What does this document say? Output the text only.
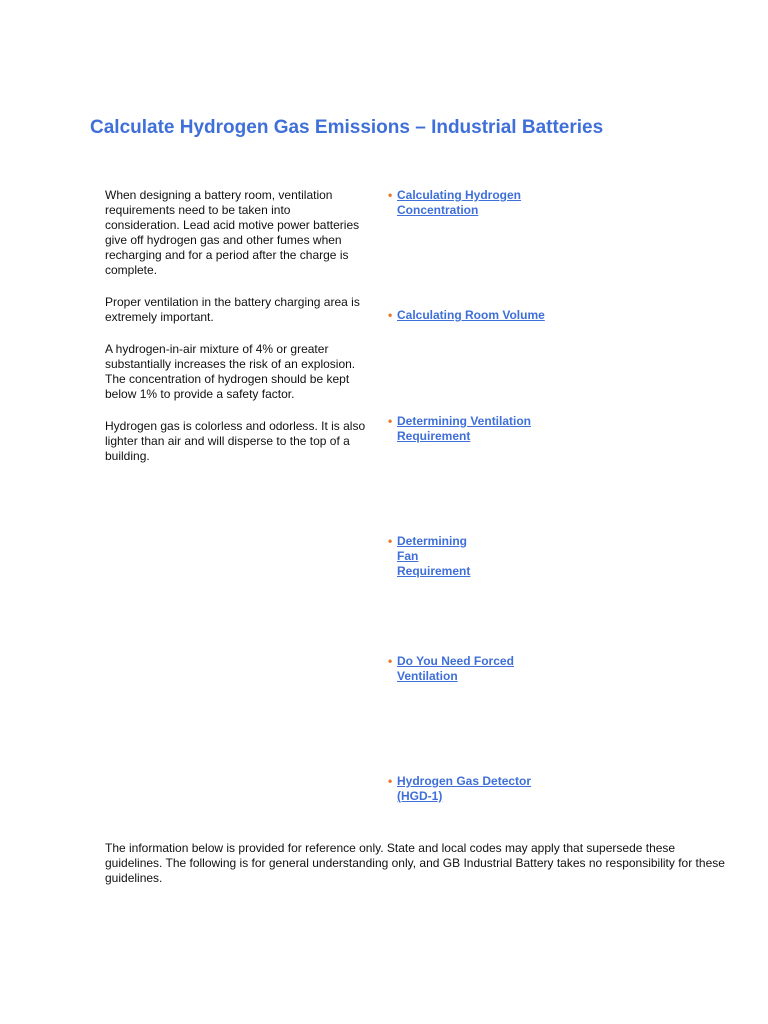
Calculate Hydrogen Gas Emissions – Industrial Batteries

When designing a battery room, ventilation requirements need to be taken into consideration. Lead acid motive power batteries give off hydrogen gas and other fumes when recharging and for a period after the charge is complete.

Proper ventilation in the battery charging area is extremely important.

A hydrogen-in-air mixture of 4% or greater substantially increases the risk of an explosion. The concentration of hydrogen should be kept below 1% to provide a safety factor.

Hydrogen gas is colorless and odorless. It is also lighter than air and will disperse to the top of a building.

• Calculating Hydrogen Concentration
• Calculating Room Volume
• Determining Ventilation Requirement
• Determining Fan Requirement
• Do You Need Forced Ventilation
• Hydrogen Gas Detector (HGD-1)

The information below is provided for reference only. State and local codes may apply that supersede these guidelines. The following is for general understanding only, and GB Industrial Battery takes no responsibility for these guidelines.
